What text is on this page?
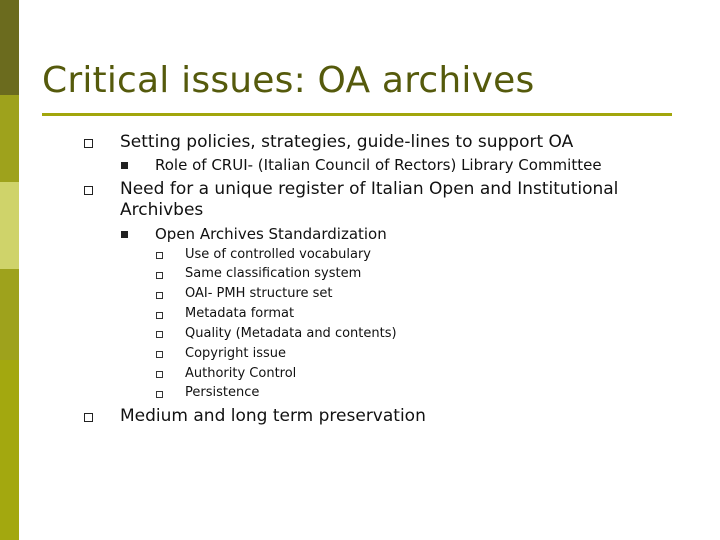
Critical issues: OA archives
Setting policies, strategies, guide-lines to support OA
Role of CRUI- (Italian Council of Rectors) Library Committee
Need for a unique register of Italian Open and Institutional
Archivbes
Open Archives Standardization
Use of controlled vocabulary
Same classification system
OAI- PMH structure set
Metadata format
Quality (Metadata and contents)
Copyright issue
Authority Control
Persistence
Medium and long term preservation
